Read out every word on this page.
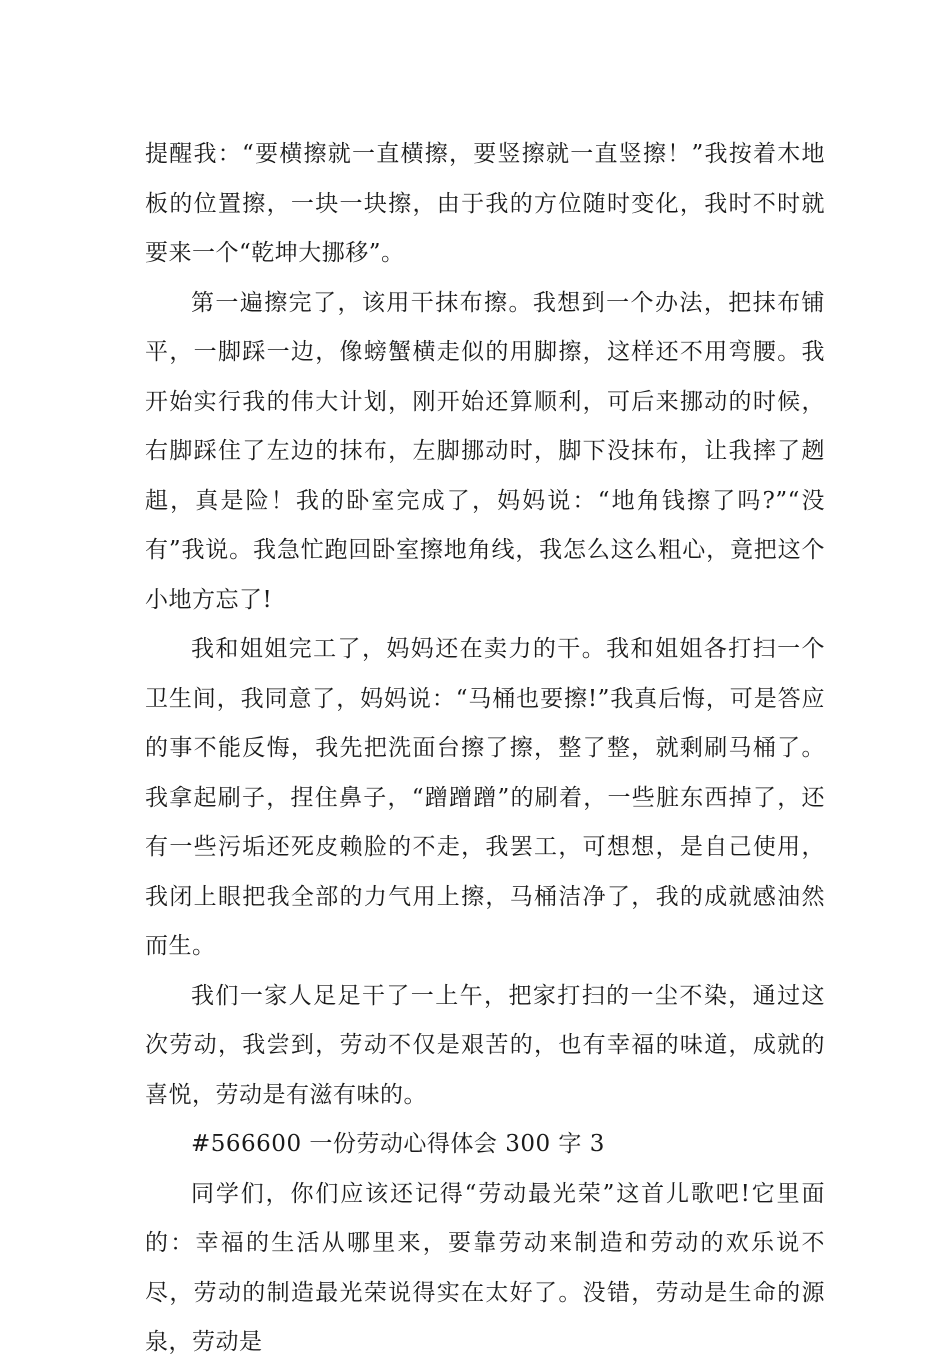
提醒我：“要横擦就一直横擦，要竖擦就一直竖擦！”我按着木地板的位置擦，一块一块擦，由于我的方位随时变化，我时不时就要来一个“乾坤大挪移”。

第一遍擦完了，该用干抹布擦。我想到一个办法，把抹布铺平，一脚踩一边，像螃蟹横走似的用脚擦，这样还不用弯腰。我开始实行我的伟大计划，刚开始还算顺利，可后来挪动的时候，右脚踩住了左边的抹布，左脚挪动时，脚下没抹布，让我摔了趔趄，真是险！我的卧室完成了，妈妈说：“地角钱擦了吗?”“没有”我说。我急忙跑回卧室擦地角线，我怎么这么粗心，竟把这个小地方忘了!

我和姐姐完工了，妈妈还在卖力的干。我和姐姐各打扫一个卫生间，我同意了，妈妈说：“马桶也要擦!”我真后悔，可是答应的事不能反悔，我先把洗面台擦了擦，整了整，就剩刷马桶了。我拿起刷子，捏住鼻子，“蹭蹭蹭”的刷着，一些脏东西掉了，还有一些污垢还死皮赖脸的不走，我罢工，可想想，是自己使用，我闭上眼把我全部的力气用上擦，马桶洁净了，我的成就感油然而生。

我们一家人足足干了一上午，把家打扫的一尘不染，通过这次劳动，我尝到，劳动不仅是艰苦的，也有幸福的味道，成就的喜悦，劳动是有滋有味的。

#566600 一份劳动心得体会 300 字 3

同学们，你们应该还记得“劳动最光荣”这首儿歌吧!它里面的：幸福的生活从哪里来，要靠劳动来制造和劳动的欢乐说不尽，劳动的制造最光荣说得实在太好了。没错，劳动是生命的源泉，劳动是
